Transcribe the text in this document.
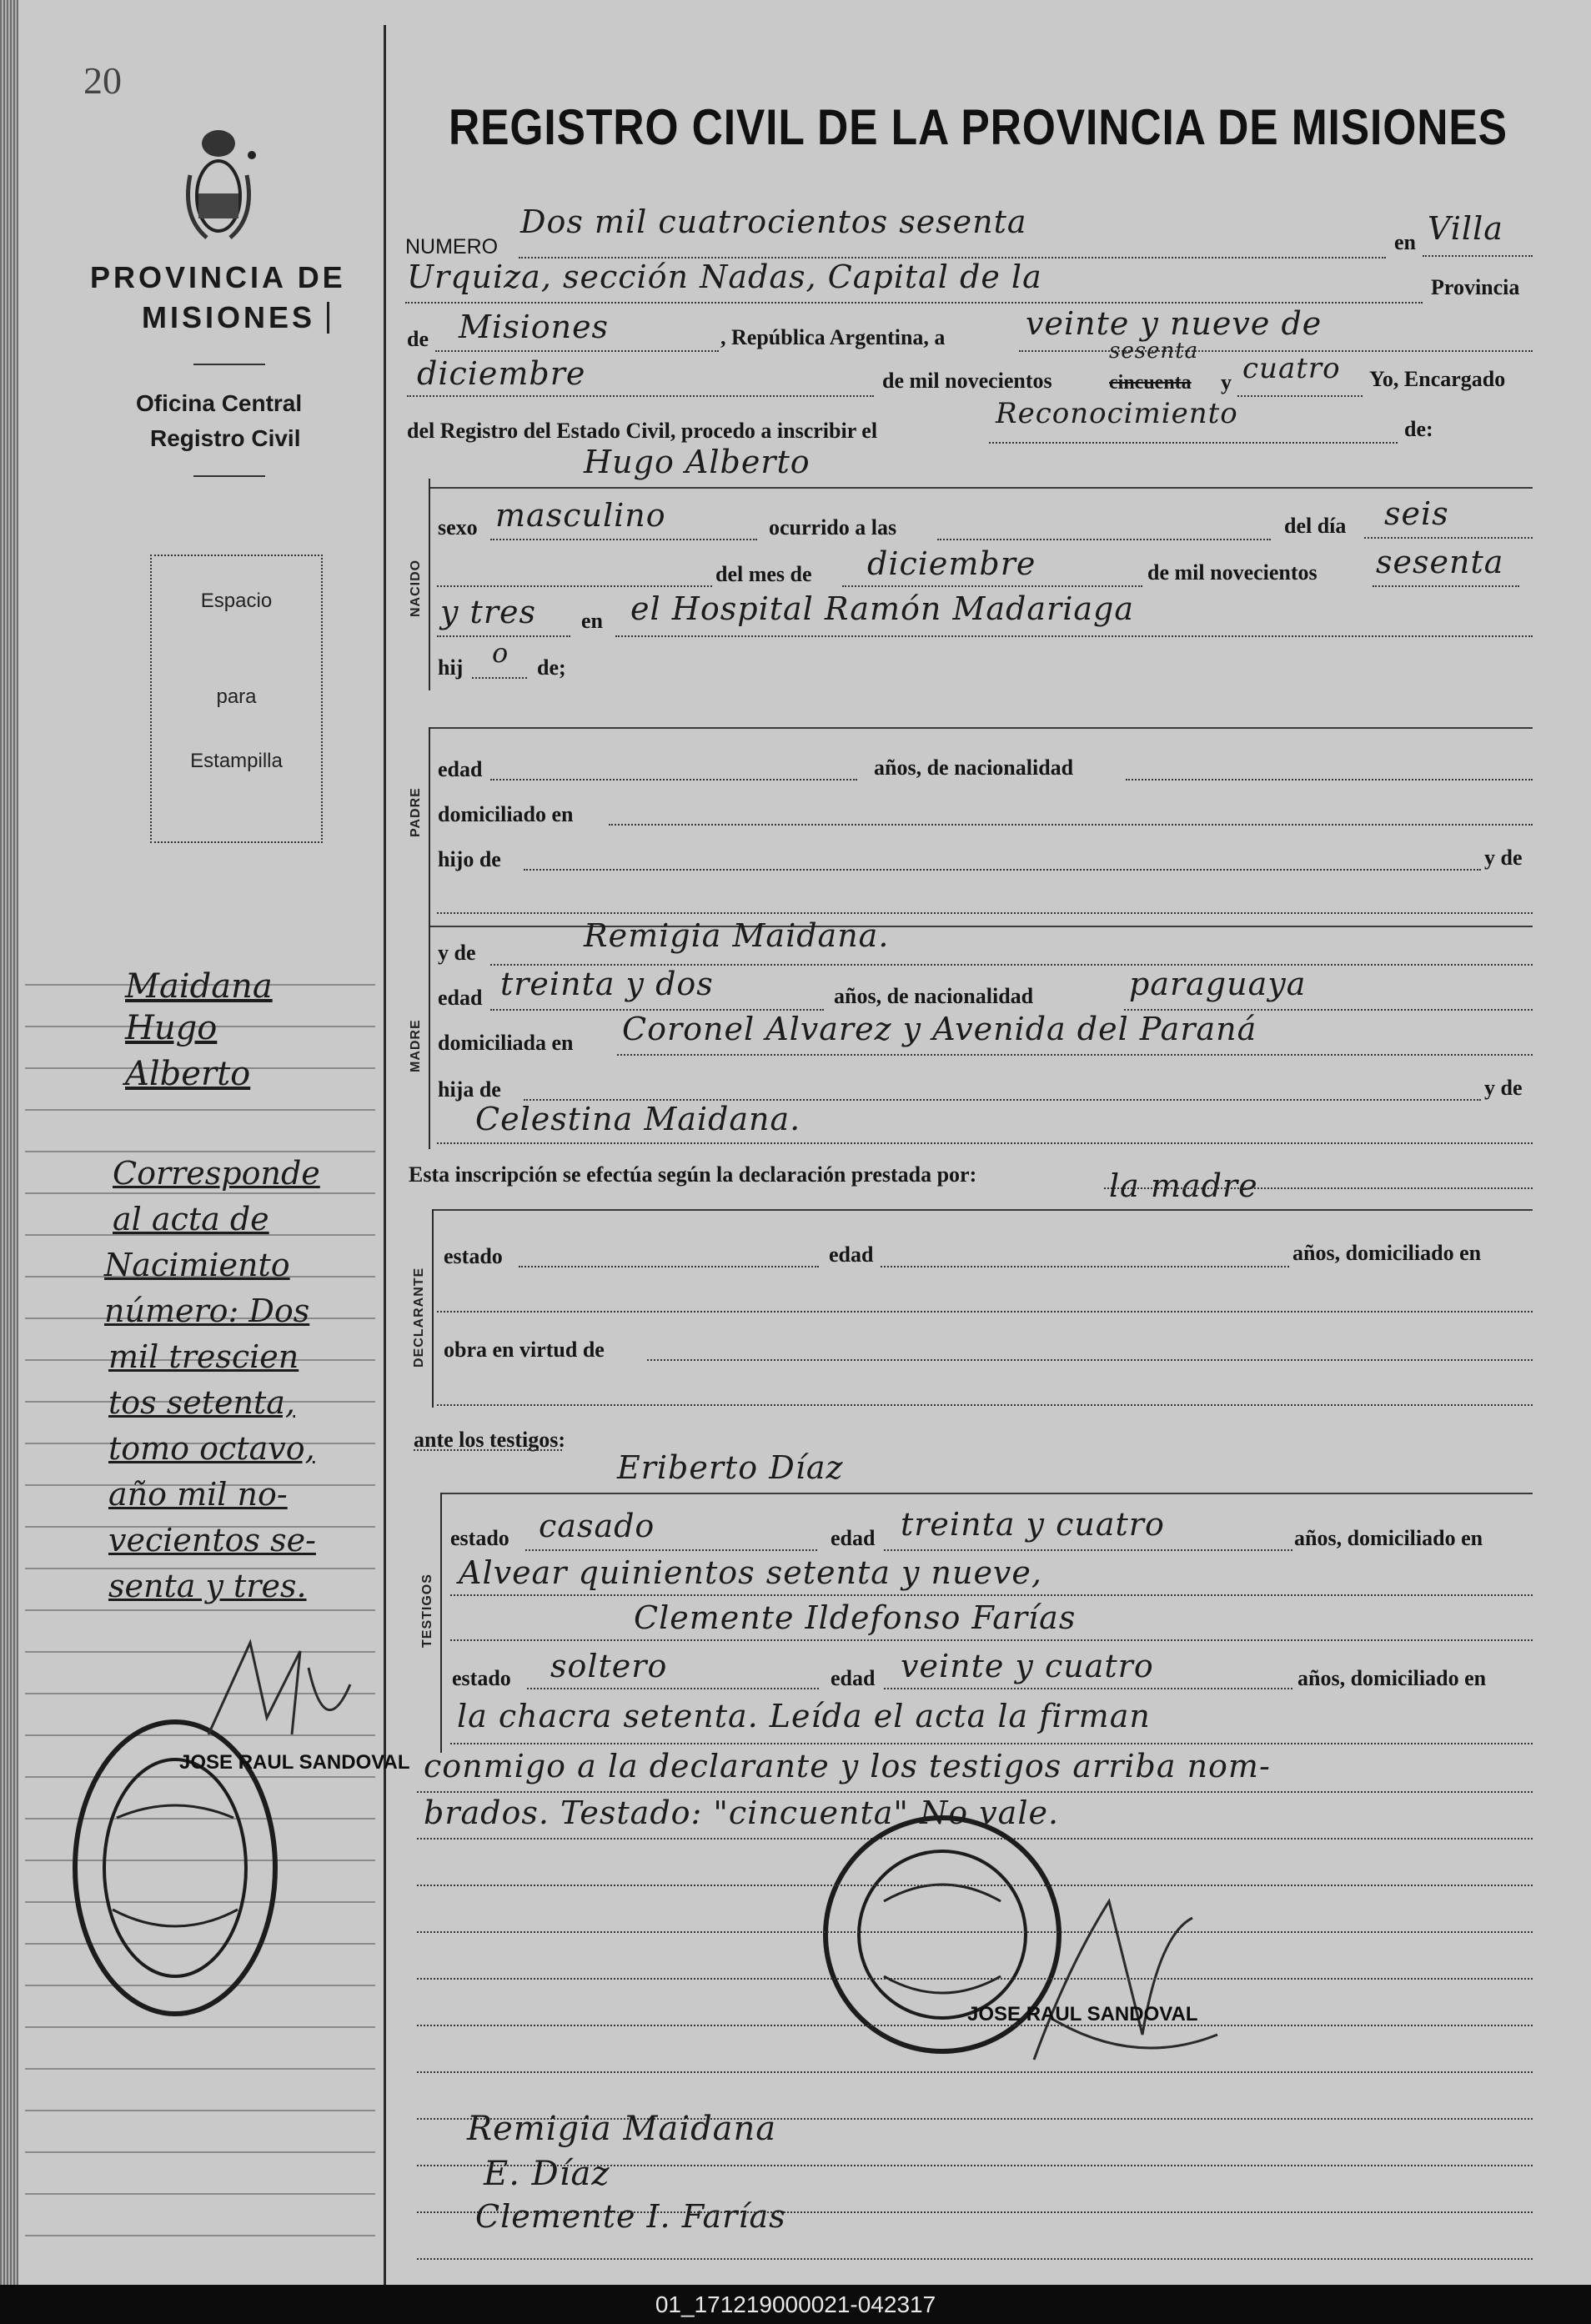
20
PROVINCIA DE
MISIONES
Oficina Central
Registro Civil
Espacio
para
Estampilla
Maidana
Hugo
Alberto
Corresponde
al acta de
Nacimiento
número: Dos
mil trescien
tos setenta,
tomo octavo,
año mil no-
vecientos se-
senta y tres.
JOSE RAUL SANDOVAL
REGISTRO CIVIL DE LA PROVINCIA DE MISIONES
NUMERO
Dos mil cuatrocientos sesenta
en Villa
Urquiza, sección Nadas, Capital de la	Provincia
de Misiones	, República Argentina, a	veinte y nueve de
diciembre	de mil novecientos	cincuenta
sesenta
y cuatro Yo, Encargado
del Registro del Estado Civil, procedo a inscribir el
Reconocimiento	de:
NACIDO
Hugo Alberto
sexo masculino	ocurrido a las	del día seis
del mes de diciembre	de mil novecientos sesenta
y tres en el Hospital Ramón Madariaga
hij o de;
PADRE
edad	años, de nacionalidad
domiciliado en
hijo de	y de
MADRE
y de	Remigia Maidana.
edad treinta y dos	años, de nacionalidad	paraguaya
domiciliada en Coronel Alvarez y Avenida del Paraná
hija de	y de
Celestina Maidana.
Esta inscripción se efectúa según la declaración prestada por:	la madre
DECLARANTE
estado	edad	años, domiciliado en
obra en virtud de
ante los testigos:
Eriberto Díaz
TESTIGOS
estado casado	edad treinta y cuatro	años, domiciliado en
Alvear quinientos setenta y nueve,
Clemente Ildefonso Farías
estado soltero	edad veinte y cuatro	años, domiciliado en
la chacra setenta. Leída el acta la firman
conmigo a la declarante y los testigos arriba nom-
brados. Testado: "cincuenta" No vale.
JOSE RAUL SANDOVAL
Remigia Maidana
E. Díaz
Clemente I. Farías
01_171219000021-042317
